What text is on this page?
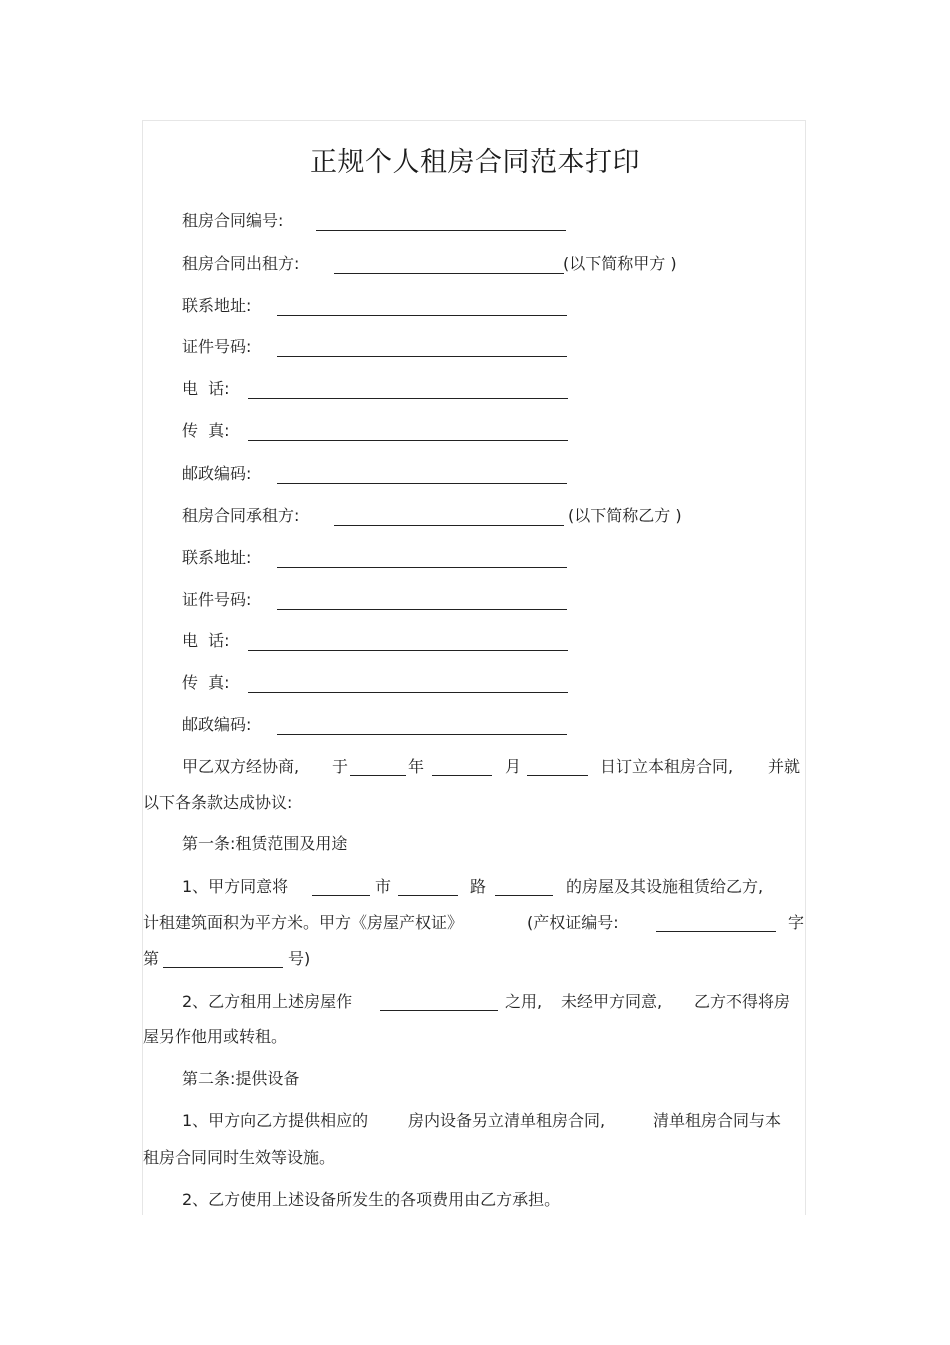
正规个人租房合同范本打印
租房合同编号:
租房合同出租方:	(以下简称甲方 )
联系地址:
证件号码:
电  话:
传  真:
邮政编码:
租房合同承租方:	(以下简称乙方 )
联系地址:
证件号码:
电  话:
传  真:
邮政编码:
甲乙双方经协商, 于	年	月	日订立本租房合同, 并就
以下各条款达成协议:
第一条:租赁范围及用途
1、甲方同意将	市	路	的房屋及其设施租赁给乙方,
计租建筑面积为平方米。甲方《房屋产权证》	(产权证编号:	字
第	号)
2、乙方租用上述房屋作	之用, 未经甲方同意, 乙方不得将房
屋另作他用或转租。
第二条:提供设备
1、甲方向乙方提供相应的 房内设备另立清单租房合同,	清单租房合同与本
租房合同同时生效等设施。
2、乙方使用上述设备所发生的各项费用由乙方承担。
